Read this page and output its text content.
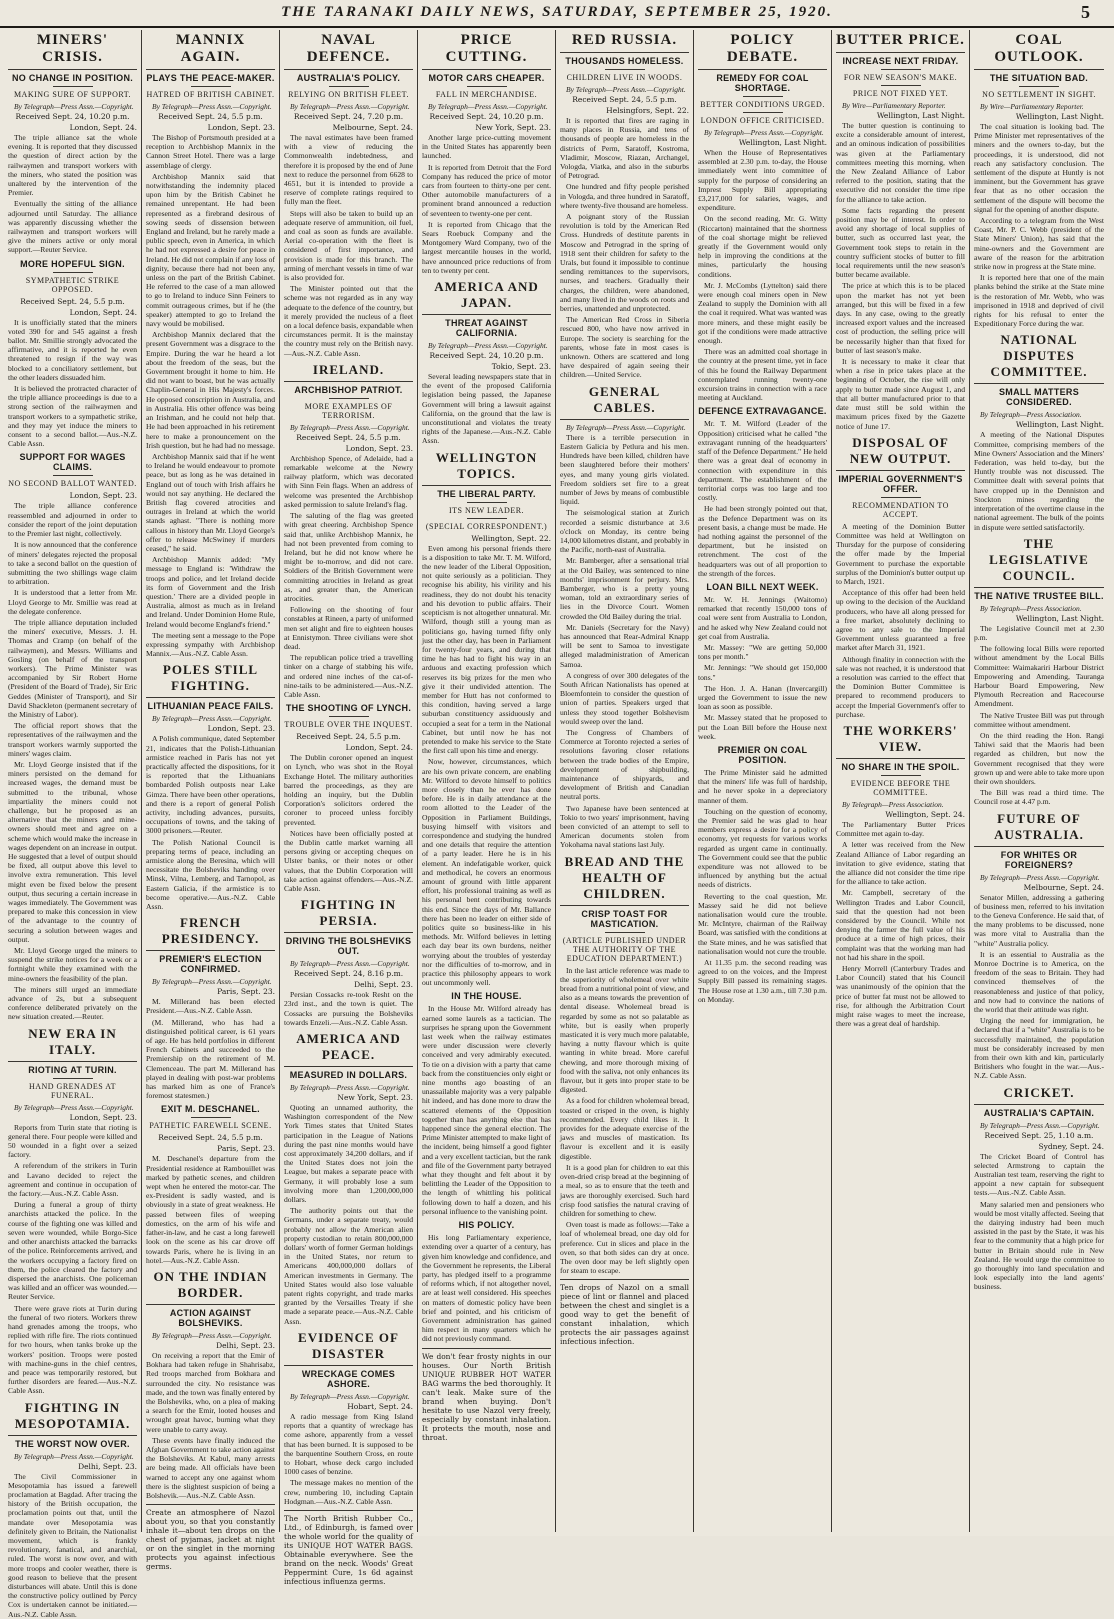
THE TARANAKI DAILY NEWS, SATURDAY, SEPTEMBER 25, 1920.	5
MINERS' CRISIS.
NO CHANGE IN POSITION.
MAKING SURE OF SUPPORT.
By Telegraph—Press Assn.—Copyright.
Received Sept. 24, 10.20 p.m.
London, Sept. 24.

The triple alliance sat the whole evening. It is reported that they discussed the question of direct action by the railwaymen and transport workers with the miners, who stated the position was unaltered by the intervention of the Premier.

Eventually the sitting of the alliance adjourned until Saturday. The alliance was apparently discussing whether the railwaymen and transport workers will give the miners active or only moral support.—Reuter Service.

MORE HOPEFUL SIGN.
SYMPATHETIC STRIKE OPPOSED.
Received Sept. 24, 5.5 p.m.
London, Sept. 24.

It is unofficially stated that the miners voted 390 for and 545 against a fresh ballot. Mr. Smillie strongly advocated the affirmative, and it is reported he even threatened to resign if the way was blocked to a conciliatory settlement, but the other leaders dissuaded him.

It is believed the protracted character of the triple alliance proceedings is due to a strong section of the railwaymen and transport workers to a sympathetic strike, and they may yet induce the miners to consent to a second ballot.—Aus.-N.Z. Cable Assn.

SUPPORT FOR WAGES CLAIMS.
NO SECOND BALLOT WANTED.
London, Sept. 23.

The triple alliance conference reassembled and adjourned in order to consider the report of the joint deputation to the Premier last night, collectively.

It is now announced that the conference of miners' delegates rejected the proposal to take a second ballot on the question of submitting the two shillings wage claim to arbitration.

It is understood that a letter from Mr. Lloyd George to Mr. Smillie was read at the delegate conference.

The triple alliance deputation included the miners' executive, Messrs. J. H. Thomas and Cramp (on behalf of the railwaymen), and Messrs. Williams and Gosling (on behalf of the transport workers). The Prime Minister was accompanied by Sir Robert Horne (President of the Board of Trade), Sir Eric Geddes (Minister of Transport), and Sir David Shackleton (permanent secretary of the Ministry of Labor).

The official report shows that the representatives of the railwaymen and the transport workers warmly supported the miners' wages claim.

Mr. Lloyd George insisted that if the miners persisted on the demand for increased wages, the demand must be submitted to the tribunal, whose impartiality the miners could not challenge, but he proposed as an alternative that the miners and mine-owners should meet and agree on a scheme which would make the increase in wages dependent on an increase in output. He suggested that a level of output should be fixed, all output above this level to involve extra remuneration. This level might even be fixed below the present output, thus securing a certain increase in wages immediately. The Government was prepared to make this concession in view of the advantage to the country of securing a solution between wages and output.

Mr. Lloyd George urged the miners to suspend the strike notices for a week or a fortnight while they examined with the mine-owners the feasibility of the plan.

The miners still urged an immediate advance of 2s, but a subsequent conference deliberated privately on the new situation created.—Reuter.

NEW ERA IN ITALY.
RIOTING AT TURIN.
HAND GRENADES AT FUNERAL.
By Telegraph—Press Assn.—Copyright.
London, Sept. 23.

Reports from Turin state that rioting is general there. Four people were killed and 50 wounded in a fight over a seized factory.

A referendum of the strikers in Turin and Lavano decided to reject the agreement and continue in occupation of the factory.—Aus.-N.Z. Cable Assn.

During a funeral a group of thirty anarchists attacked the police. In the course of the fighting one was killed and seven were wounded, while Borgo-Sice and other anarchists attacked the barracks of the police. Reinforcements arrived, and the workers occupying a factory fired on them, the police cleared the factory and dispersed the anarchists. One policeman was killed and an officer was wounded.—Reuter Service.

There were grave riots at Turin during the funeral of two rioters. Workers threw hand grenades among the troops, who replied with rifle fire. The riots continued for two hours, when tanks broke up the workers' position. Troops were posted with machine-guns in the chief centres, and peace was temporarily restored, but further disorders are feared.—Aus.-N.Z. Cable Assn.

FIGHTING IN MESOPOTAMIA.
THE WORST NOW OVER.
By Telegraph—Press Assn.—Copyright.
Delhi, Sept. 23.

The Civil Commissioner in Mesopotamia has issued a farewell proclamation at Bagdad. After tracing the history of the British occupation, the proclamation points out that, until the mandate over Mesopotamia was definitely given to Britain, the Nationalist movement, which is frankly revolutionary, fanatical, and anarchial, ruled. The worst is now over, and with more troops and cooler weather, there is good reason to believe that the present disturbances will abate. Until this is done the constructive policy outlined by Percy Cox is undertaken cannot be initiated.—Aus.-N.Z. Cable Assn.

MANNIX AGAIN.
PLAYS THE PEACE-MAKER.
HATRED OF BRITISH CABINET.
By Telegraph—Press Assn.—Copyright.
Received Sept. 24, 5.5 p.m.
London, Sept. 23.

The Bishop of Portsmouth presided at a reception to Archbishop Mannix in the Cannon Street Hotel. There was a large assemblage of clergy.

Archbishop Mannix said that notwithstanding the indemnity placed upon him by the British Cabinet he remained unrepentant. He had been represented as a firebrand desirous of sowing seeds of dissension between England and Ireland, but he rarely made a public speech, even in America, in which he had not expressed a desire for peace in Ireland. He did not complain if any loss of dignity, because there had not been any, unless on the part of the British Cabinet. He referred to the case of a man allowed to go to Ireland to induce Sinn Feiners to commit outrageous crimes, but if he (the speaker) attempted to go to Ireland the navy would be mobilised.

Archbishop Mannix declared that the present Government was a disgrace to the Empire. During the war he heard a lot about the freedom of the seas, but the Government brought it home to him. He did not want to boast, but he was actually Chaplin-General in His Majesty's forces. He opposed conscription in Australia, and in Australia. His other offence was being an Irishman, and he could not help that. He had been approached in his retirement here to make a pronouncement on the Irish question, but he had had no message.

Archbishop Mannix said that if he went to Ireland he would endeavour to promote peace, but as long as he was detained in England out of touch with Irish affairs he would not say anything. He declared the British flag covered atrocities and outrages in Ireland at which the world stands aghast. "There is nothing more callous in history than Mr. Lloyd George's offer to release McSwiney if murders ceased," he said.

Archbishop Mannix added: "My message to England is: 'Withdraw the troops and police, and let Ireland decide its form of Government and the Irish question.' There are a divided people in Australia, almost as much as in Ireland and Ireland. Under Dominion Home Rule, Ireland would become England's friend."

The meeting sent a message to the Pope expressing sympathy with Archbishop Mannix.—Aus.-N.Z. Cable Assn.

POLES STILL FIGHTING.
LITHUANIAN PEACE FAILS.
By Telegraph—Press Assn.—Copyright.
London, Sept. 23.

A Polish communique, dated September 21, indicates that the Polish-Lithuanian armistice reached in Paris has not yet practically affected the dispositions, for it is reported that the Lithuanians bombarded Polish outposts near Lake Gimza. There have been other operations, and there is a report of general Polish activity, including advances, pursuits, occupations of towns, and the taking of 3000 prisoners.—Reuter.

The Polish National Council is preparing terms of peace, including an armistice along the Beresina, which will necessitate the Bolsheviks handing over Minsk, Vilna, Lemberg, and Tarnopol, as Eastern Galicia, if the armistice is to become operative.—Aus.-N.Z. Cable Assn.

FRENCH PRESIDENCY.
PREMIER'S ELECTION CONFIRMED.
By Telegraph—Press Assn.—Copyright.
Paris, Sept. 23.

M. Millerand has been elected President.—Aus.-N.Z. Cable Assn.

(M. Millerand, who has had a distinguished political career, is 61 years of age. He has held portfolios in different French Cabinets and succeeded to the Premiership on the retirement of M. Clemenceau. The part M. Millerand has played in dealing with post-war problems has marked him as one of France's foremost statesmen.)

EXIT M. DESCHANEL.
PATHETIC FAREWELL SCENE.
Received Sept. 24, 5.5 p.m.
Paris, Sept. 23.

M. Deschanel's departure from the Presidential residence at Rambouillet was marked by pathetic scenes, and children wept when he entered the motor-car. The ex-President is sadly wasted, and is obviously in a state of great weakness. He passed between files of weeping domestics, on the arm of his wife and father-in-law, and he cast a long farewell look on the scene as his car drove off towards Paris, where he is living in an hotel.—Aus.-N.Z. Cable Assn.

ON THE INDIAN BORDER.
ACTION AGAINST BOLSHEVIKS.
By Telegraph—Press Assn.—Copyright.
Delhi, Sept. 23.

On receiving a report that the Emir of Bokhara had taken refuge in Shahrisabz, Red troops marched from Bokhara and surrounded the city. No resistance was made, and the town was finally entered by the Bolsheviks, who, on a plea of making a search for the Emir, looted houses and wrought great havoc, burning what they were unable to carry away.

These events have finally induced the Afghan Government to take action against the Bolsheviks. At Kabul, many arrests are being made. All officials have been warned to accept any one against whom there is the slightest suspicion of being a Bolshevik.—Aus.-N.Z. Cable Assn.

Create an atmosphere of Nazol about you, so that you constantly inhale it—about ten drops on the chest of pyjamas, jacket at night or on the singlet in the morning protects you against infectious germs.
NAVAL DEFENCE.
AUSTRALIA'S POLICY.
RELYING ON BRITISH FLEET.
By Telegraph—Press Assn.—Copyright.
Received Sept. 24, 7.20 p.m.
Melbourne, Sept. 24.

The naval estimates have been framed with a view of reducing the Commonwealth indebtedness, and therefore it is proposed by the end of June next to reduce the personnel from 6628 to 4651, but it is intended to provide a reserve of complete ratings required to fully man the fleet.

Steps will also be taken to build up an adequate reserve of ammunition, oil fuel, and coal as soon as funds are available. Aerial co-operation with the fleet is considered of first importance, and provision is made for this branch. The arming of merchant vessels in time of war is also provided for.

The Minister pointed out that the scheme was not regarded as in any way adequate to the defence of the country, but it merely provided the nucleus of a fleet on a local defence basis, expandable when circumstances permit. It is the mainstay the country must rely on the British navy.—Aus.-N.Z. Cable Assn.

IRELAND.
ARCHBISHOP PATRIOT.
MORE EXAMPLES OF TERRORISM.
By Telegraph—Press Assn.—Copyright.
Received Sept. 24, 5.5 p.m.
London, Sept. 23.

Archbishop Spence, of Adelaide, had a remarkable welcome at the Newry railway platform, which was decorated with Sinn Fein flags. When an address of welcome was presented the Archbishop asked permission to salute Ireland's flag.

The saluting of the flag was greeted with great cheering. Archbishop Spence said that, unlike Archbishop Mannix, he had not been prevented from coming to Ireland, but he did not know where he might be to-morrow, and did not care. Soldiers of the British Government were committing atrocities in Ireland as great as, and greater than, the American atrocities.

Following on the shooting of four constables at Rineen, a party of uniformed men set alight and fire to eighteen houses at Ennistymon. Three civilians were shot dead.

The republican police tried a travelling tinker on a charge of stabbing his wife, and ordered nine inches of the cat-of-nine-tails to be administered.—Aus.-N.Z. Cable Assn.

THE SHOOTING OF LYNCH.
TROUBLE OVER THE INQUEST.
Received Sept. 24, 5.5 p.m.
London, Sept. 24.

The Dublin coroner opened an inquest on Lynch, who was shot in the Royal Exchange Hotel. The military authorities barred the proceedings, as they are holding an inquiry, but the Dublin Corporation's solicitors ordered the coroner to proceed unless forcibly prevented.

Notices have been officially posted at the Dublin cattle market warning all persons giving or accepting cheques on Ulster banks, or their notes or other values, that the Dublin Corporation will take action against offenders.—Aus.-N.Z. Cable Assn.

FIGHTING IN PERSIA.
DRIVING THE BOLSHEVIKS OUT.
By Telegraph—Press Assn.—Copyright.
Received Sept. 24, 8.16 p.m.
Delhi, Sept. 23.

Persian Cossacks re-took Resht on the 23rd inst., and the town is quiet. The Cossacks are pursuing the Bolsheviks towards Enzeli.—Aus.-N.Z. Cable Assn.

AMERICA AND PEACE.
MEASURED IN DOLLARS.
By Telegraph—Press Assn.—Copyright.
New York, Sept. 23.

Quoting an unnamed authority, the Washington correspondent of the New York Times states that United States participation in the League of Nations during the past nine months would have cost approximately 34,200 dollars, and if the United States does not join the League, but makes a separate peace with Germany, it will probably lose a sum involving more than 1,200,000,000 dollars.

The authority points out that the Germans, under a separate treaty, would probably not allow the American alien property custodian to retain 800,000,000 dollars' worth of former German holdings in the United States, nor return to Americans 400,000,000 dollars of American investments in Germany. The United States would also lose valuable patent rights copyright, and trade marks granted by the Versailles Treaty if she made a separate peace.—Aus.-N.Z. Cable Assn.

EVIDENCE OF DISASTER
WRECKAGE COMES ASHORE.
By Telegraph—Press Assn.—Copyright.
Hobart, Sept. 24.

A radio message from King Island reports that a quantity of wreckage has come ashore, apparently from a vessel that has been burned. It is supposed to be the barquentine Southern Cross, en route to Hobart, whose deck cargo included 1000 cases of benzine.

The message makes no mention of the crew, numbering 10, including Captain Hodgman.—Aus.-N.Z. Cable Assn.

The North British Rubber Co., Ltd., of Edinburgh, is famed over the whole world for the quality of its UNIQUE HOT WATER BAGS. Obtainable everywhere. See the brand on the neck. Woods' Great Peppermint Cure, 1s 6d against infectious influenza germs.
PRICE CUTTING.
MOTOR CARS CHEAPER.
FALL IN MERCHANDISE.
By Telegraph—Press Assn.—Copyright.
Received Sept. 24, 10.20 p.m.
New York, Sept. 23.

Another large price-cutting movement in the United States has apparently been launched.

It is reported from Detroit that the Ford Company has reduced the price of motor cars from fourteen to thirty-one per cent. Other automobile manufacturers of a prominent brand announced a reduction of seventeen to twenty-one per cent.

It is reported from Chicago that the Sears Roebuck Company and the Montgomery Ward Company, two of the largest mercantile houses in the world, have announced price reductions of from ten to twenty per cent.

AMERICA AND JAPAN.
THREAT AGAINST CALIFORNIA.
By Telegraph—Press Assn.—Copyright.
Received Sept. 24, 10.20 p.m.
Tokio, Sept. 23.

Several leading newspapers state that in the event of the proposed California legislation being passed, the Japanese Government will bring a lawsuit against California, on the ground that the law is unconstitutional and violates the treaty rights of the Japanese.—Aus.-N.Z. Cable Assn.

WELLINGTON TOPICS.
THE LIBERAL PARTY.
ITS NEW LEADER.
(SPECIAL CORRESPONDENT.)
Wellington, Sept. 22.

Even among his personal friends there is a disposition to take Mr. T. M. Wilford, the new leader of the Liberal Opposition, not quite seriously as a politician. They recognise his ability, his virility and his readiness, they do not doubt his tenacity and his devotion to public affairs. Their scepticism is not altogether unnatural. Mr. Wilford, though still a young man as politicians go, having turned fifty only just the other day, has been in Parliament for twenty-four years, and during that time he has had to fight his way in an arduous and exacting profession which reserves its big prizes for the men who give it their undivided attention. The member for Hutt has not conformed to this condition, having served a large suburban constituency assiduously and occupied a seat for a term in the National Cabinet, but until now he has not pretended to make his service to the State the first call upon his time and energy.

Now, however, circumstances, which are his own private concern, are enabling Mr. Wilford to devote himself to politics more closely than he ever has done before. He is in daily attendance at the room allotted to the Leader of the Opposition in Parliament Buildings, busying himself with visitors and correspondence and studying the hundred and one details that require the attention of a party leader. Here he is in his element. An indefatigable worker, quick and methodical, he covers an enormous amount of ground with little apparent effort, his professional training as well as his personal bent contributing towards this end. Since the days of Mr. Ballance there has been no leader on either side of politics quite so business-like in his methods. Mr. Wilford believes in letting each day bear its own burdens, neither worrying about the troubles of yesterday nor the difficulties of to-morrow, and in practice this philosophy appears to work out uncommonly well.

IN THE HOUSE.

In the House Mr. Wilford already has earned some laurels as a tactician. The surprises he sprang upon the Government last week when the railway estimates were under discussion were cleverly conceived and very admirably executed. To tie on a division with a party that came back from the constituencies only eight or nine months ago boasting of an unassailable majority was a very palpable hit indeed, and has done more to draw the scattered elements of the Opposition together than has anything else that has happened since the general election. The Prime Minister attempted to make light of the incident, being himself a good fighter and a very excellent tactician, but the rank and file of the Government party betrayed what they thought and felt about it by belittling the Leader of the Opposition to the length of whittling his political following down to half a dozen, and his personal influence to the vanishing point.

HIS POLICY.

His long Parliamentary experience, extending over a quarter of a century, has given him knowledge and confidence, and the Government he represents, the Liberal party, has pledged itself to a programme of reforms which, if not altogether novel, are at least well considered. His speeches on matters of domestic policy have been brief and pointed, and his criticism of Government administration has gained him respect in many quarters which he did not previously command.

We don't fear frosty nights in our houses. Our North British UNIQUE RUBBER HOT WATER BAG warms the bed thoroughly. It can't leak. Make sure of the brand when buying. Don't hesitate to use Nazol very freely, especially by constant inhalation. It protects the mouth, nose and throat.
RED RUSSIA.
THOUSANDS HOMELESS.
CHILDREN LIVE IN WOODS.
By Telegraph—Press Assn.—Copyright.
Received Sept. 24, 5.5 p.m.
Helsingfors, Sept. 22.

It is reported that fires are raging in many places in Russia, and tens of thousands of people are homeless in the districts of Perm, Saratoff, Kostroma, Vladimir, Moscow, Riazan, Archangel, Vologda, Viatka, and also in the suburbs of Petrograd.

One hundred and fifty people perished in Vologda, and three hundred in Saratoff, where twenty-five thousand are homeless.

A poignant story of the Russian revolution is told by the American Red Cross. Hundreds of destitute parents in Moscow and Petrograd in the spring of 1918 sent their children for safety to the Urals, but found it impossible to continue sending remittances to the supervisors, nurses, and teachers. Gradually their charges, the children, were abandoned, and many lived in the woods on roots and berries, unattended and unprotected.

The American Red Cross in Siberia rescued 800, who have now arrived in Europe. The society is searching for the parents, whose fate in most cases is unknown. Others are scattered and long have despaired of again seeing their children.—United Service.

GENERAL CABLES.
By Telegraph—Press Assn.—Copyright.

There is a terrible persecution in Eastern Galicia by Petlura and his men. Hundreds have been killed, children have been slaughtered before their mothers' eyes, and many young girls violated. Freedom soldiers set fire to a great number of Jews by means of combustible liquid.

The seismological station at Zurich recorded a seismic disturbance at 3.6 o'clock on Monday, its centre being 14,000 kilometres distant, and probably in the Pacific, north-east of Australia.

Mr. Bamberger, after a sensational trial at the Old Bailey, was sentenced to nine months' imprisonment for perjury. Mrs. Bamberger, who is a pretty young woman, told an extraordinary series of lies in the Divorce Court. Women crowded the Old Bailey during the trial.

Mr. Daniels (Secretary for the Navy) has announced that Rear-Admiral Knapp will be sent to Samoa to investigate alleged maladministration of American Samoa.

A congress of over 300 delegates of the South African Nationalists has opened at Bloemfontein to consider the question of union of parties. Speakers urged that unless they stood together Bolshevism would sweep over the land.

The Congress of Chambers of Commerce at Toronto rejected a series of resolutions favoring closer relations between the trade bodies of the Empire, development of shipbuilding, maintenance of shipyards, and development of British and Canadian neutral ports.

Two Japanese have been sentenced at Tokio to two years' imprisonment, having been convicted of an attempt to sell to American documents stolen from Yokohama naval stations last July.

BREAD AND THE HEALTH OF CHILDREN.
CRISP TOAST FOR MASTICATION.
(ARTICLE PUBLISHED UNDER THE AUTHORITY OF THE EDUCATION DEPARTMENT.)

In the last article reference was made to the superiority of wholemeal over white bread from a nutritional point of view, and also as a means towards the prevention of dental disease. Wholemeal bread is regarded by some as not so palatable as white, but is easily when properly masticated it is very much more palatable, having a nutty flavour which is quite wanting in white bread. More careful chewing, and more thorough mixing of food with the saliva, not only enhances its flavour, but it gets into proper state to be digested.

As a food for children wholemeal bread, toasted or crisped in the oven, is highly recommended. Every child likes it. It provides for the adequate exercise of the jaws and muscles of mastication. Its flavour is excellent and it is easily digestible.

It is a good plan for children to eat this oven-dried crisp bread at the beginning of a meal, so as to ensure that the teeth and jaws are thoroughly exercised. Such hard crisp food satisfies the natural craving of children for something to chew.

Oven toast is made as follows:—Take a loaf of wholemeal bread, one day old for preference. Cut in slices and place in the oven, so that both sides can dry at once. The oven door may be left slightly open for steam to escape.

Ten drops of Nazol on a small piece of lint or flannel and placed between the chest and singlet is a good way to get the benefit of constant inhalation, which protects the air passages against infectious infection.
POLICY DEBATE.
REMEDY FOR COAL SHORTAGE.
BETTER CONDITIONS URGED.
LONDON OFFICE CRITICISED.
By Telegraph—Press Assn.—Copyright.
Wellington, Last Night.

When the House of Representatives assembled at 2.30 p.m. to-day, the House immediately went into committee of supply for the purpose of considering an Imprest Supply Bill appropriating £3,217,000 for salaries, wages, and expenditure.

On the second reading, Mr. G. Witty (Riccarton) maintained that the shortness of the coal shortage might be relieved greatly if the Government would only help in improving the conditions at the mines, particularly the housing conditions.

Mr. J. McCombs (Lyttelton) said there were enough coal miners open in New Zealand to supply the Dominion with all the coal it required. What was wanted was more miners, and these might easily be got if the conditions were made attractive enough.

There was an admitted coal shortage in the country at the present time, yet in face of this he found the Railway Department contemplated running twenty-one excursion trains in connection with a race meeting at Auckland.

DEFENCE EXTRAVAGANCE.

Mr. T. M. Wilford (Leader of the Opposition) criticised what he called "the extravagant running of the headquarters' staff of the Defence Department." He held there was a great deal of economy in connection with expenditure in this department. The establishment of the territorial corps was too large and too costly.

He had been strongly pointed out that, as the Defence Department was on its present basis, a change must be made. He had nothing against the personnel of the department, but he insisted on retrenchment. The cost of the headquarters was out of all proportion to the strength of the forces.

LOAN BILL NEXT WEEK.

Mr. W. H. Jennings (Waitomo) remarked that recently 150,000 tons of coal were sent from Australia to London, and he asked why New Zealand could not get coal from Australia.

Mr. Massey: "We are getting 50,000 tons per month."

Mr. Jennings: "We should get 150,000 tons."

The Hon. J. A. Hanan (Invercargill) urged the Government to issue the new loan as soon as possible.

Mr. Massey stated that he proposed to put the Loan Bill before the House next week.

PREMIER ON COAL POSITION.

The Prime Minister said he admitted that the miners' life was full of hardship, and he never spoke in a depreciatory manner of them.

Touching on the question of economy, the Premier said he was glad to hear members express a desire for a policy of economy, yet requests for various works regarded as urgent came in continually. The Government could see that the public expenditure was not allowed to be influenced by anything but the actual needs of districts.

Reverting to the coal question, Mr. Massey said he did not believe nationalisation would cure the trouble. Mr. McIntyre, chairman of the Railway Board, was satisfied with the conditions at the State mines, and he was satisfied that nationalisation would not cure the trouble.

At 11.35 p.m. the second reading was agreed to on the voices, and the Imprest Supply Bill passed its remaining stages. The House rose at 1.30 a.m., till 7.30 p.m. on Monday.

BUTTER PRICE.
INCREASE NEXT FRIDAY.
FOR NEW SEASON'S MAKE.
PRICE NOT FIXED YET.
By Wire—Parliamentary Reporter.
Wellington, Last Night.

The butter question is continuing to excite a considerable amount of interest, and an ominous indication of possibilities was given at the Parliamentary committees meeting this morning, when the New Zealand Alliance of Labor referred to the position, stating that the executive did not consider the time ripe for the alliance to take action.

Some facts regarding the present position may be of interest. In order to avoid any shortage of local supplies of butter, such as occurred last year, the Government took steps to retain in the country sufficient stocks of butter to fill local requirements until the new season's butter became available.

The price at which this is to be placed upon the market has not yet been arranged, but this will be fixed in a few days. In any case, owing to the greatly increased export values and the increased cost of production, the selling price will be necessarily higher than that fixed for butter of last season's make.

It is necessary to make it clear that when a rise in price takes place at the beginning of October, the rise will only apply to butter made since August 1, and that all butter manufactured prior to that date must still be sold within the maximum prices fixed by the Gazette notice of June 17.

DISPOSAL OF NEW OUTPUT.
IMPERIAL GOVERNMENT'S OFFER.
RECOMMENDATION TO ACCEPT.

A meeting of the Dominion Butter Committee was held at Wellington on Thursday for the purpose of considering the offer made by the Imperial Government to purchase the exportable surplus of the Dominion's butter output up to March, 1921.

Acceptance of this offer had been held up owing to the decision of the Auckland producers, who have all along pressed for a free market, absolutely declining to agree to any sale to the Imperial Government unless guaranteed a free market after March 31, 1921.

Although finality in connection with the sale was not reached, it is understood that a resolution was carried to the effect that the Dominion Butter Committee is prepared to recommend producers to accept the Imperial Government's offer to purchase.

THE WORKERS' VIEW.
NO SHARE IN THE SPOIL.
EVIDENCE BEFORE THE COMMITTEE.
By Telegraph—Press Association.
Wellington, Sept. 24.

The Parliamentary Butter Prices Committee met again to-day.

A letter was received from the New Zealand Alliance of Labor regarding an invitation to give evidence, stating that the alliance did not consider the time ripe for the alliance to take action.

Mr. Campbell, secretary of the Wellington Trades and Labor Council, said that the question had not been considered by the Council. While not denying the farmer the full value of his produce at a time of high prices, their complaint was that the working man had not had his share in the spoil.

Henry Morrell (Canterbury Trades and Labor Council) stated that his Council was unanimously of the opinion that the price of butter fat must not be allowed to rise, for although the Arbitration Court might raise wages to meet the increase, there was a great deal of hardship.

COAL OUTLOOK.
THE SITUATION BAD.
NO SETTLEMENT IN SIGHT.
By Wire—Parliamentary Reporter.
Wellington, Last Night.

The coal situation is looking bad. The Prime Minister met representatives of the miners and the owners to-day, but the proceedings, it is understood, did not reach any satisfactory conclusion. The settlement of the dispute at Huntly is not imminent, but the Government has grave fear that as no other occasion the settlement of the dispute will become the signal for the opening of another dispute.

According to a telegram from the West Coast, Mr. P. C. Webb (president of the State Miners' Union), has said that the mine-owners and the Government are aware of the reason for the arbitration strike now in progress at the State mine.

It is reported here that one of the main planks behind the strike at the State mine is the restoration of Mr. Webb, who was imprisoned in 1918 and deprived of civil rights for his refusal to enter the Expeditionary Force during the war.

NATIONAL DISPUTES COMMITTEE.
SMALL MATTERS CONSIDERED.
By Telegraph—Press Association.
Wellington, Last Night.

A meeting of the National Disputes Committee, comprising members of the Mine Owners' Association and the Miners' Federation, was held to-day, but the Huntly trouble was not discussed. The Committee dealt with several points that have cropped up in the Denniston and Stockton mines regarding the interpretation of the overtime clause in the national agreement. The bulk of the points in dispute were settled satisfactorily.

THE LEGISLATIVE COUNCIL.
THE NATIVE TRUSTEE BILL.
By Telegraph—Press Association.
Wellington, Last Night.

The Legislative Council met at 2.30 p.m.

The following local Bills were reported without amendment by the Local Bills Committee: Waimakariri Harbour District Empowering and Amending, Tauranga Harbour Board Empowering, New Plymouth Recreation and Racecourse Amendment.

The Native Trustee Bill was put through committee without amendment.

On the third reading the Hon. Rangi Tahiwi said that the Maoris had been regarded as children, but now the Government recognised that they were grown up and were able to take more upon their own shoulders.

The Bill was read a third time. The Council rose at 4.47 p.m.

FUTURE OF AUSTRALIA.
FOR WHITES OR FOREIGNERS?
By Telegraph—Press Assn.—Copyright.
Melbourne, Sept. 24.

Senator Millen, addressing a gathering of business men, referred to his invitation to the Geneva Conference. He said that, of the many problems to be discussed, none was more vital to Australia than the "white" Australia policy.

It is an essential to Australia as the Monroe Doctrine is to America, on the freedom of the seas to Britain. They had convinced themselves of the reasonableness and justice of that policy, and now had to convince the nations of the world that their attitude was right.

Urging the need for immigration, he declared that if a "white" Australia is to be successfully maintained, the population must be considerably increased by men from their own kith and kin, particularly Britishers who fought in the war.—Aus.-N.Z. Cable Assn.

CRICKET.
AUSTRALIA'S CAPTAIN.
By Telegraph—Press Assn.—Copyright.
Received Sept. 25, 1.10 a.m.
Sydney, Sept. 24.

The Cricket Board of Control has selected Armstrong to captain the Australian test team, reserving the right to appoint a new captain for subsequent tests.—Aus.-N.Z. Cable Assn.

Many salaried men and pensioners who would be most vitally affected. Seeing that the dairying industry had been much assisted in the past by the State, it was his fear to the community that a high price for butter in Britain should rule in New Zealand. He would urge the committee to go thoroughly into land speculation and look especially into the land agents' business.
